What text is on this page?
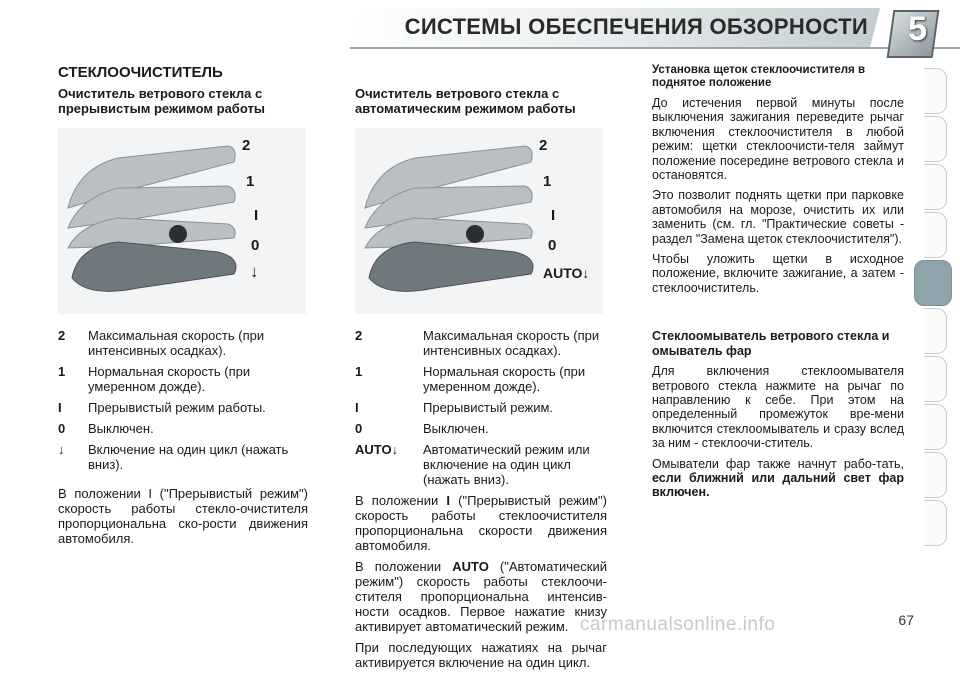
СИСТЕМЫ ОБЕСПЕЧЕНИЯ ОБЗОРНОСТИ 5
СТЕКЛООЧИСТИТЕЛЬ
Очиститель ветрового стекла с прерывистым режимом работы
2
1
I
0
↓
2	Максимальная скорость (при интенсивных осадках).
1	Нормальная скорость (при умеренном дожде).
I	Прерывистый режим работы.
0	Выключен.
↓	Включение на один цикл (нажать вниз).

В положении I ("Прерывистый режим") скорость работы стекло-очистителя пропорциональна ско-рости движения автомобиля.

Очиститель ветрового стекла с автоматическим режимом работы
2
1
I
0
AUTO↓
2	Максимальная скорость (при интенсивных осадках).
1	Нормальная скорость (при умеренном дожде).
I	Прерывистый режим.
0	Выключен.
AUTO↓	Автоматический режим или включение на один цикл (нажать вниз).

В положении I ("Прерывистый режим") скорость работы стеклоочистителя пропорциональна скорости движения автомобиля.

В положении AUTO ("Автоматический режим") скорость работы стеклоочи-стителя пропорциональна интенсив-ности осадков. Первое нажатие книзу активирует автоматический режим.

При последующих нажатиях на рычаг активируется включение на один цикл.

Установка щеток стеклоочистителя в поднятое положение

До истечения первой минуты после выключения зажигания переведите рычаг включения стеклоочистителя в любой режим: щетки стеклоочисти-теля займут положение посередине ветрового стекла и остановятся.

Это позволит поднять щетки при парковке автомобиля на морозе, очистить их или заменить (см. гл. "Практические советы - раздел "Замена щеток стеклоочистителя").

Чтобы уложить щетки в исходное положение, включите зажигание, а затем - стеклоочиститель.

Стеклоомыватель ветрового стекла и омыватель фар

Для включения стеклоомывателя ветрового стекла нажмите на рычаг по направлению к себе. При этом на определенный промежуток вре-мени включится стеклоомыватель и сразу вслед за ним - стеклоочи-ститель.

Омыватели фар также начнут рабо-тать, если ближний или дальний свет фар включен.

carmanualsonline.info	67
